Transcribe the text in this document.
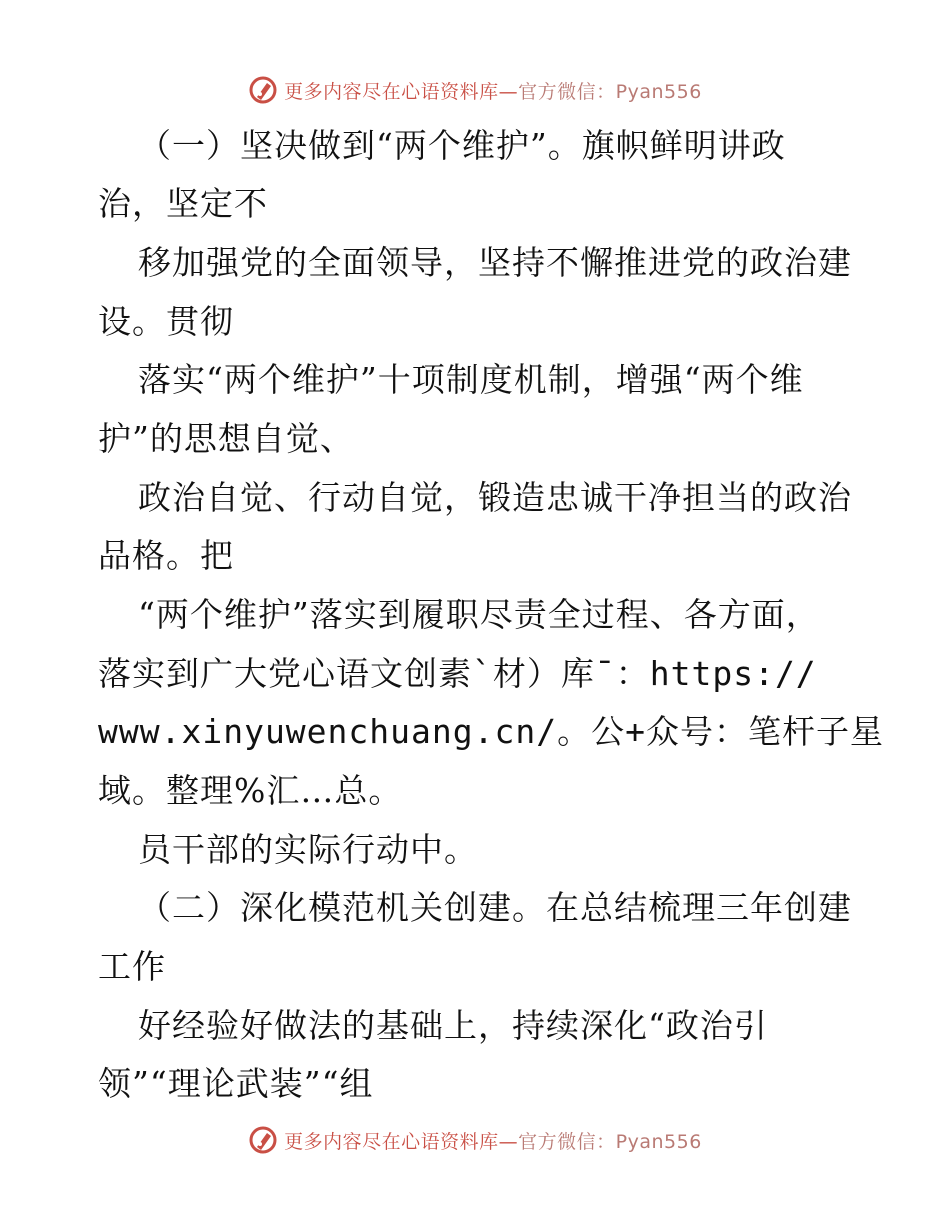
更多内容尽在心语资料库— 官方微信：Pyan556
（一）坚决做到“两个维护”。旗帜鲜明讲政
治，坚定不
移加强党的全面领导，坚持不懈推进党的政治建
设。贯彻
落实“两个维护”十项制度机制，增强“两个维
护”的思想自觉、
政治自觉、行动自觉，锻造忠诚干净担当的政治
品格。把
“两个维护”落实到履职尽责全过程、各方面，
落实到广大党心语文创素`材）库¯：https://
www.xinyuwenchuang.cn/。公+众号：笔杆子星
域。整理%汇…总。
员干部的实际行动中。
（二）深化模范机关创建。在总结梳理三年创建
工作
好经验好做法的基础上，持续深化“政治引
领”“理论武装”“组
更多内容尽在心语资料库— 官方微信：Pyan556
